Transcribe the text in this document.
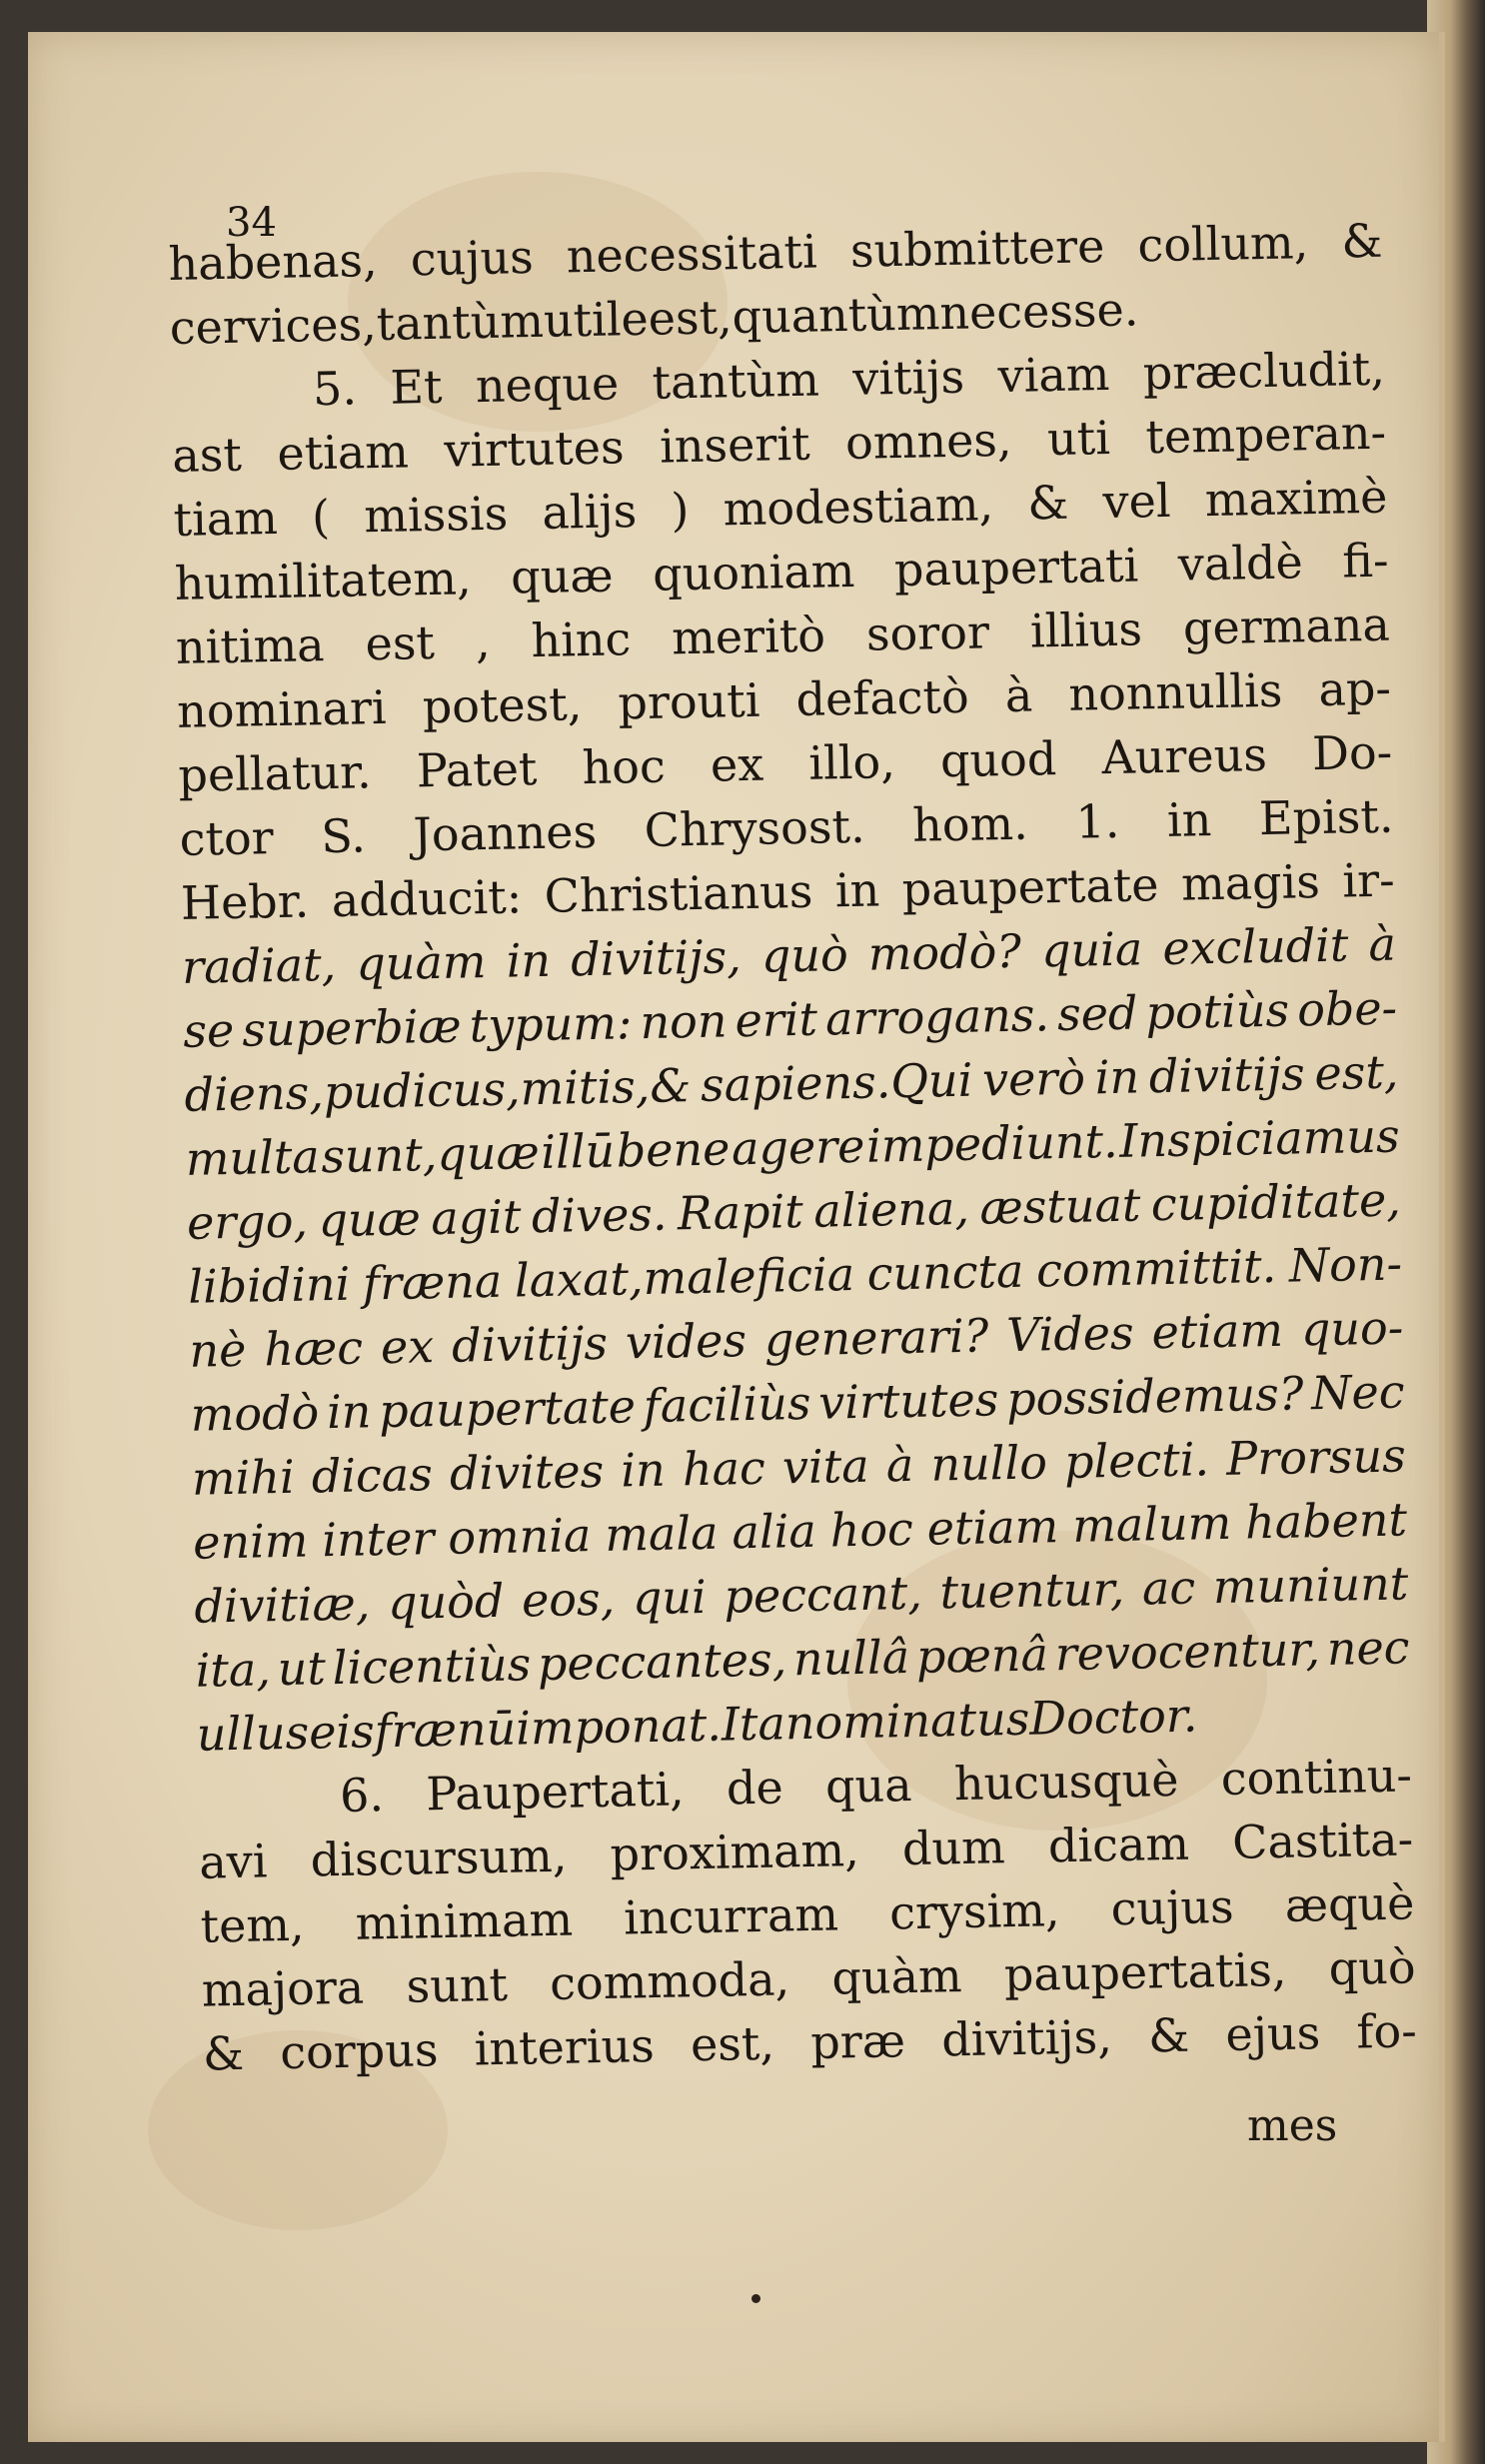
34

habenas, cujus necessitati submittere collum, &
cervices,
tantùm
utile
est,
quantùm
necesse.
5. Et neque tantùm vitijs viam præcludit,
ast etiam virtutes inserit omnes, uti temperan-
tiam ( missis alijs ) modestiam, & vel maximè
humilitatem, quæ quoniam paupertati valdè fi-
nitima est , hinc meritò soror illius germana
nominari potest, prouti defactò à nonnullis ap-
pellatur. Patet hoc ex illo, quod Aureus Do-
ctor S. Joannes Chrysost. hom. 1. in Epist.
Hebr. adducit: Christianus in paupertate magis ir-
radiat, quàm in divitijs, quò modò? quia excludit à
se superbiæ typum: non erit arrogans. sed potiùs obe-
diens,pudicus,mitis,& sapiens.Qui verò in divitijs est,
multa sunt,quæ illū bene agere impediunt. Inspiciamus
ergo, quæ agit dives. Rapit aliena, æstuat cupiditate,
libidini fræna laxat,maleficia cuncta committit. Non-
nè hæc ex divitijs vides generari? Vides etiam quo-
modò in paupertate faciliùs virtutes possidemus? Nec
mihi dicas divites in hac vita à nullo plecti. Prorsus
enim inter omnia mala alia hoc etiam malum habent
divitiæ, quòd eos, qui peccant, tuentur, ac muniunt
ita, ut licentiùs peccantes, nullâ pœnâ revocentur, nec
ullus
eis
fræn
ū
imponat.
Ita
nominatus
Doctor.
6. Paupertati, de qua hucusquè continu-
avi discursum, proximam, dum dicam Castita-
tem, minimam incurram crysim, cujus æquè
majora sunt commoda, quàm paupertatis, quò
& corpus interius est, præ divitijs, & ejus fo-

mes
